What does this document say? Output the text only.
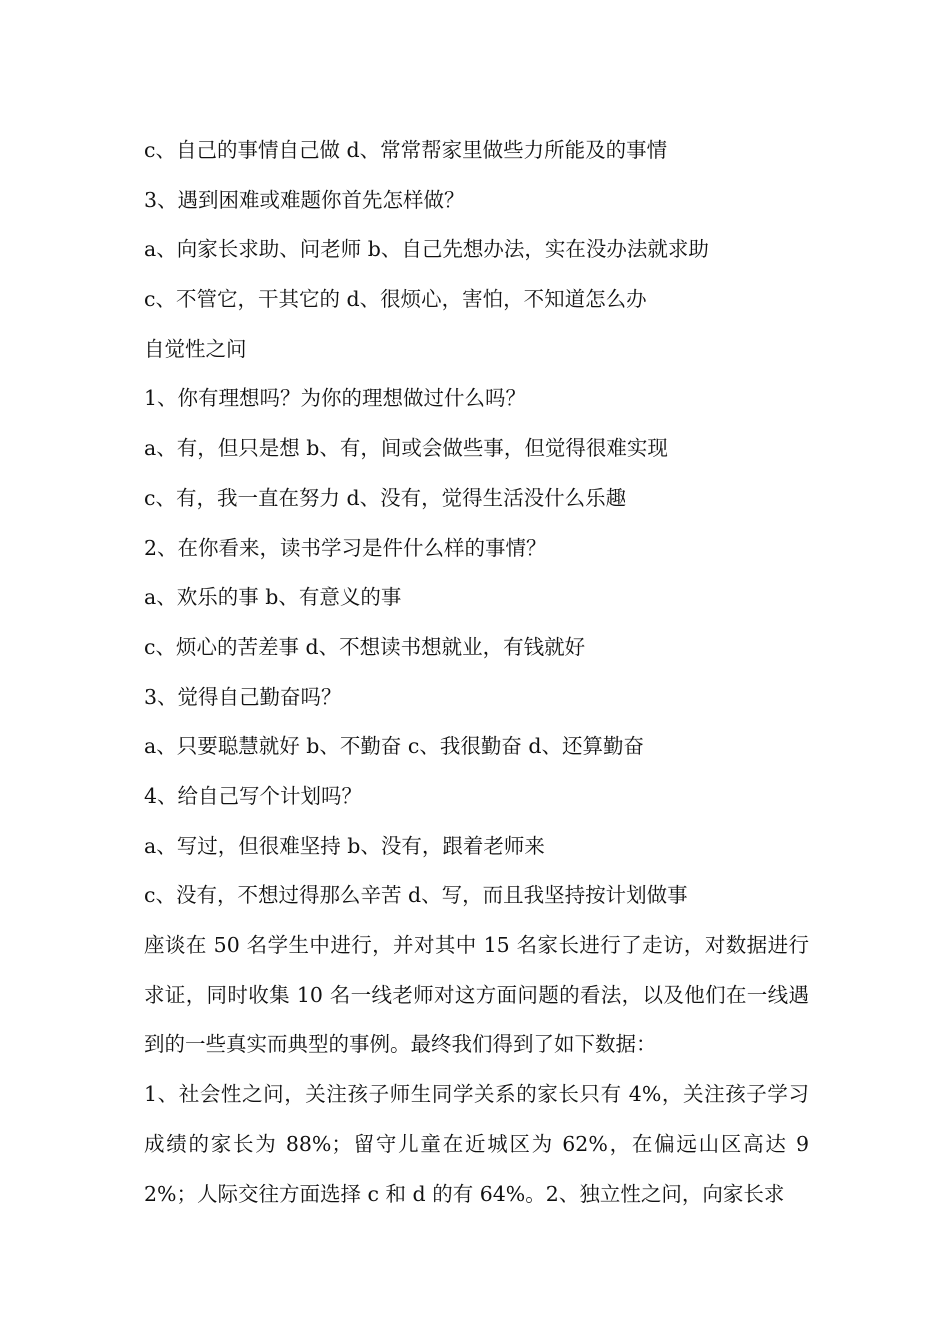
c、自己的事情自己做 d、常常帮家里做些力所能及的事情
3、遇到困难或难题你首先怎样做？
a、向家长求助、问老师 b、自己先想办法，实在没办法就求助
c、不管它，干其它的 d、很烦心，害怕，不知道怎么办
自觉性之问
1、你有理想吗？为你的理想做过什么吗？
a、有，但只是想 b、有，间或会做些事，但觉得很难实现
c、有，我一直在努力 d、没有，觉得生活没什么乐趣
2、在你看来，读书学习是件什么样的事情？
a、欢乐的事 b、有意义的事
c、烦心的苦差事 d、不想读书想就业，有钱就好
3、觉得自己勤奋吗？
a、只要聪慧就好 b、不勤奋 c、我很勤奋 d、还算勤奋
4、给自己写个计划吗？
a、写过，但很难坚持 b、没有，跟着老师来
c、没有，不想过得那么辛苦 d、写，而且我坚持按计划做事
座谈在 50 名学生中进行，并对其中 15 名家长进行了走访，对数据进行求证，同时收集 10 名一线老师对这方面问题的看法，以及他们在一线遇到的一些真实而典型的事例。最终我们得到了如下数据：
1、社会性之问，关注孩子师生同学关系的家长只有 4%，关注孩子学习成绩的家长为 88%；留守儿童在近城区为 62%，在偏远山区高达 92%；人际交往方面选择 c 和 d 的有 64%。2、独立性之问，向家长求
